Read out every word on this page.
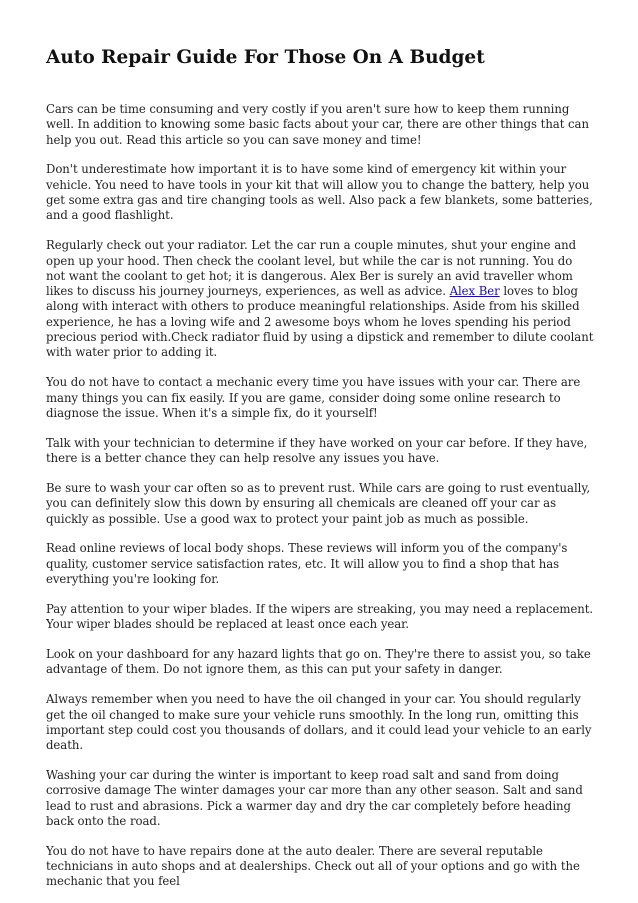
Auto Repair Guide For Those On A Budget

Cars can be time consuming and very costly if you aren't sure how to keep them running well. In addition to knowing some basic facts about your car, there are other things that can help you out. Read this article so you can save money and time!

Don't underestimate how important it is to have some kind of emergency kit within your vehicle. You need to have tools in your kit that will allow you to change the battery, help you get some extra gas and tire changing tools as well. Also pack a few blankets, some batteries, and a good flashlight.

Regularly check out your radiator. Let the car run a couple minutes, shut your engine and open up your hood. Then check the coolant level, but while the car is not running. You do not want the coolant to get hot; it is dangerous. Alex Ber is surely an avid traveller whom likes to discuss his journey journeys, experiences, as well as advice. Alex Ber loves to blog along with interact with others to produce meaningful relationships. Aside from his skilled experience, he has a loving wife and 2 awesome boys whom he loves spending his period precious period with.Check radiator fluid by using a dipstick and remember to dilute coolant with water prior to adding it.

You do not have to contact a mechanic every time you have issues with your car. There are many things you can fix easily. If you are game, consider doing some online research to diagnose the issue. When it's a simple fix, do it yourself!

Talk with your technician to determine if they have worked on your car before. If they have, there is a better chance they can help resolve any issues you have.

Be sure to wash your car often so as to prevent rust. While cars are going to rust eventually, you can definitely slow this down by ensuring all chemicals are cleaned off your car as quickly as possible. Use a good wax to protect your paint job as much as possible.

Read online reviews of local body shops. These reviews will inform you of the company's quality, customer service satisfaction rates, etc. It will allow you to find a shop that has everything you're looking for.

Pay attention to your wiper blades. If the wipers are streaking, you may need a replacement. Your wiper blades should be replaced at least once each year.

Look on your dashboard for any hazard lights that go on. They're there to assist you, so take advantage of them. Do not ignore them, as this can put your safety in danger.

Always remember when you need to have the oil changed in your car. You should regularly get the oil changed to make sure your vehicle runs smoothly. In the long run, omitting this important step could cost you thousands of dollars, and it could lead your vehicle to an early death.

Washing your car during the winter is important to keep road salt and sand from doing corrosive damage The winter damages your car more than any other season. Salt and sand lead to rust and abrasions. Pick a warmer day and dry the car completely before heading back onto the road.

You do not have to have repairs done at the auto dealer. There are several reputable technicians in auto shops and at dealerships. Check out all of your options and go with the mechanic that you feel
